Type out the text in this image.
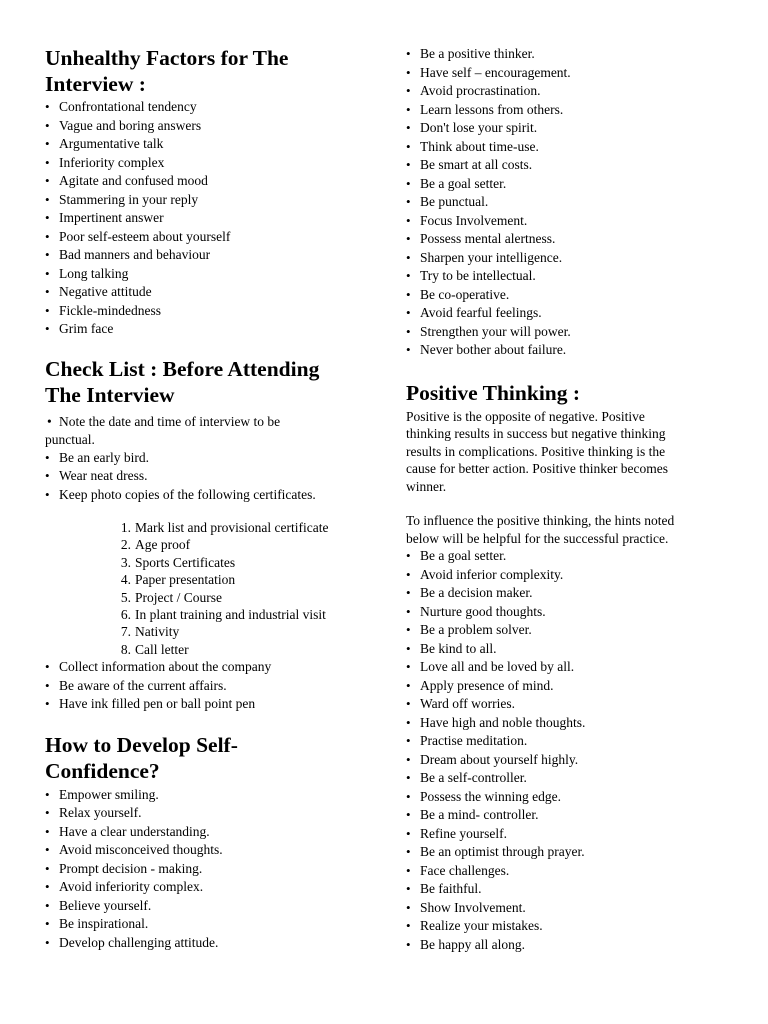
Unhealthy Factors for The
Interview :
• Confrontational tendency
• Vague and boring answers
• Argumentative talk
• Inferiority complex
• Agitate and confused mood
• Stammering in your reply
• Impertinent answer
• Poor self-esteem about yourself
• Bad manners and behaviour
• Long talking
• Negative attitude
• Fickle-mindedness
• Grim face
Check List : Before Attending
The Interview

• Note the date and time of interview to be
punctual.

• Be an early bird.
• Wear neat dress.
• Keep photo copies of the following certificates.
1. Mark list and provisional certificate
2. Age proof
3. Sports Certificates
4. Paper presentation
5. Project / Course
6. In plant training and industrial visit
7. Nativity
8. Call letter
• Collect information about the company
• Be aware of the current affairs.
• Have ink filled pen or ball point pen
How to Develop Self-
Confidence?
• Empower smiling.
• Relax yourself.
• Have a clear understanding.
• Avoid misconceived thoughts.
• Prompt decision - making.
• Avoid inferiority complex.
• Believe yourself.
• Be inspirational.
• Develop challenging attitude.
• Be a positive thinker.
• Have self – encouragement.
• Avoid procrastination.
• Learn lessons from others.
• Don't lose your spirit.
• Think about time-use.
• Be smart at all costs.
• Be a goal setter.
• Be punctual.
• Focus Involvement.
• Possess mental alertness.
• Sharpen your intelligence.
• Try to be intellectual.
• Be co-operative.
• Avoid fearful feelings.
• Strengthen your will power.
• Never bother about failure.
Positive Thinking :
Positive is the opposite of negative. Positive
thinking results in success but negative thinking
results in complications. Positive thinking is the
cause for better action. Positive thinker becomes
winner.
To influence the positive thinking, the hints noted
below will be helpful for the successful practice.
• Be a goal setter.
• Avoid inferior complexity.
• Be a decision maker.
• Nurture good thoughts.
• Be a problem solver.
• Be kind to all.
• Love all and be loved by all.
• Apply presence of mind.
• Ward off worries.
• Have high and noble thoughts.
• Practise meditation.
• Dream about yourself highly.
• Be a self-controller.
• Possess the winning edge.
• Be a mind- controller.
• Refine yourself.
• Be an optimist through prayer.
• Face challenges.
• Be faithful.
• Show Involvement.
• Realize your mistakes.
• Be happy all along.
